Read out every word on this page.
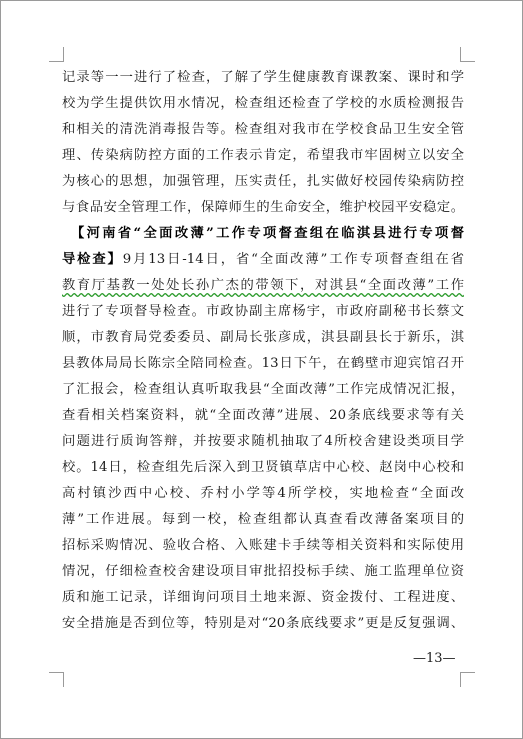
记录等一一进行了检查，了解了学生健康教育课教案、课时和学
校为学生提供饮用水情况，检查组还检查了学校的水质检测报告
和相关的清洗消毒报告等。检查组对我市在学校食品卫生安全管
理、传染病防控方面的工作表示肯定，希望我市牢固树立以安全
为核心的思想，加强管理，压实责任，扎实做好校园传染病防控
与食品安全管理工作，保障师生的生命安全，维护校园平安稳定。
　【河南省“全面改薄”工作专项督查组在临淇县进行专项督
导检查】9月13日-14日，省“全面改薄”工作专项督查组在省
教育厅基教一处处长孙广杰的带领下，对淇县“全面改薄”工作
进行了专项督导检查。市政协副主席杨宇，市政府副秘书长蔡文
顺，市教育局党委委员、副局长张彦成，淇县副县长于新乐，淇
县教体局局长陈宗全陪同检查。13日下午，在鹤壁市迎宾馆召开
了汇报会，检查组认真听取我县“全面改薄”工作完成情况汇报，
查看相关档案资料，就“全面改薄”进展、20条底线要求等有关
问题进行质询答辩，并按要求随机抽取了4所校舍建设类项目学
校。14日，检查组先后深入到卫贤镇草店中心校、赵岗中心校和
高村镇沙西中心校、乔村小学等4所学校，实地检查“全面改
薄”工作进展。每到一校，检查组都认真查看改薄备案项目的
招标采购情况、验收合格、入账建卡手续等相关资料和实际使用
情况，仔细检查校舍建设项目审批招投标手续、施工监理单位资
质和施工记录，详细询问项目土地来源、资金拨付、工程进度、
安全措施是否到位等，特别是对“20条底线要求”更是反复强调、
—13—
